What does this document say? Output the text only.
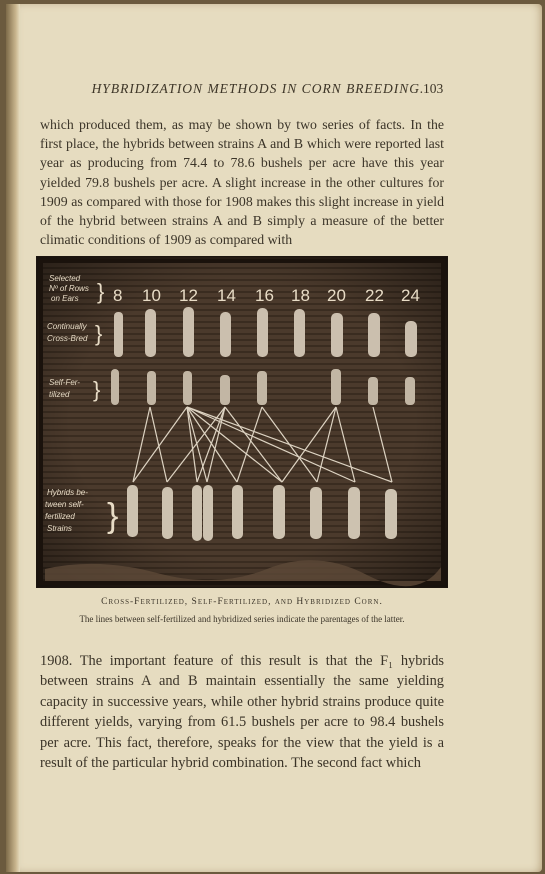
HYBRIDIZATION METHODS IN CORN BREEDING.
103

which produced them, as may be shown by two series of facts. In the first place, the hybrids between strains A and B which were reported last year as producing from 74.4 to 78.6 bushels per acre have this year yielded 79.8 bushels per acre. A slight increase in the other cultures for 1909 as compared with those for 1908 makes this slight increase in yield of the hybrid between strains A and B simply a measure of the better climatic conditions of 1909 as compared with

Selected
Nº of Rows
on Ears }
Continually
Cross-Bred }
Self-Fer-
tilized }
Hybrids be-
tween self-
fertilized
Strains }
8 10 12 14 16 18 20 22 24
Cross-Fertilized, Self-Fertilized, and Hybridized Corn.
The lines between self-fertilized and hybridized series indicate the parentages of the latter.

1908. The important feature of this result is that the F₁ hybrids between strains A and B maintain essentially the same yielding capacity in successive years, while other hybrid strains produce quite different yields, varying from 61.5 bushels per acre to 98.4 bushels per acre. This fact, therefore, speaks for the view that the yield is a result of the particular hybrid combination. The second fact which
